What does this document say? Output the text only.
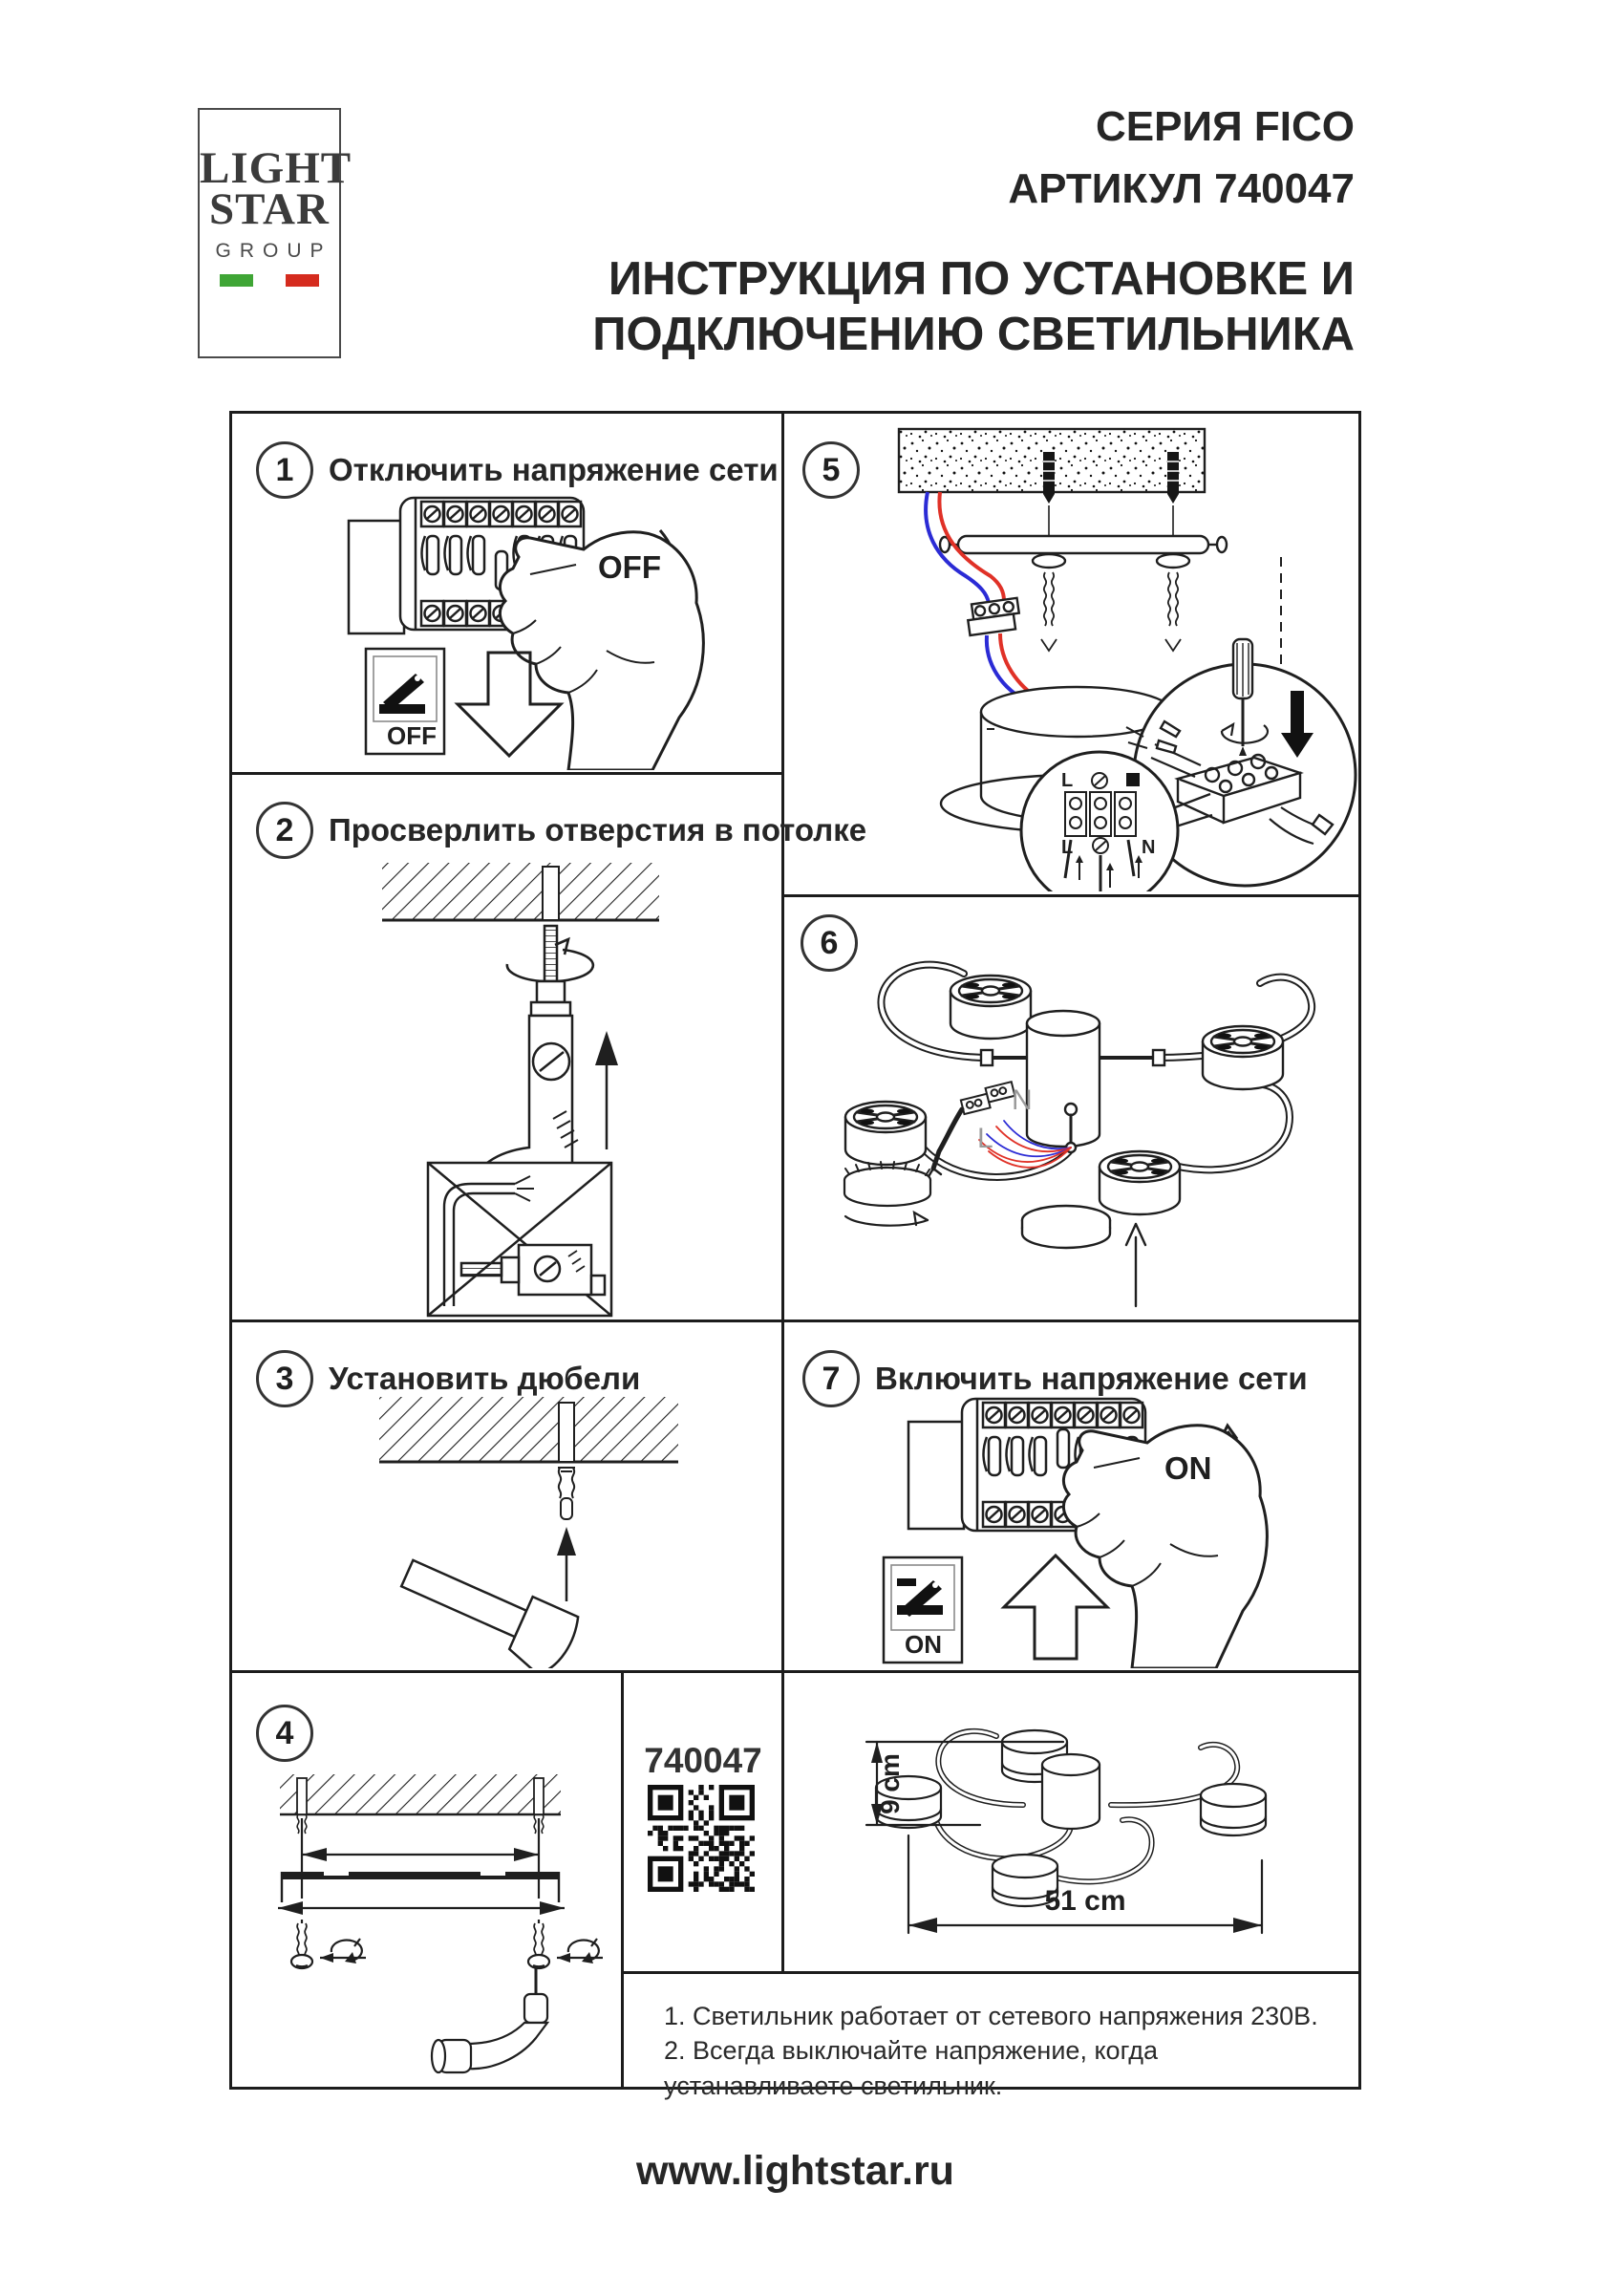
LIGHT
STAR
GROUP
СЕРИЯ FICO
АРТИКУЛ 740047
ИНСТРУКЦИЯ ПО УСТАНОВКЕ И
ПОДКЛЮЧЕНИЮ СВЕТИЛЬНИКА
1	Отключить напряжение сети
2	Просверлить отверстия в потолке
3	Установить дюбели
4
5
6
7	Включить напряжение сети
OFF
OFF
L
L	N
N
L
ON
ON
740047	9 cm
51 cm
1. Светильник работает от сетевого напряжения 230В.
2. Всегда выключайте напряжение, когда устанавливаете светильник.
www.lightstar.ru
